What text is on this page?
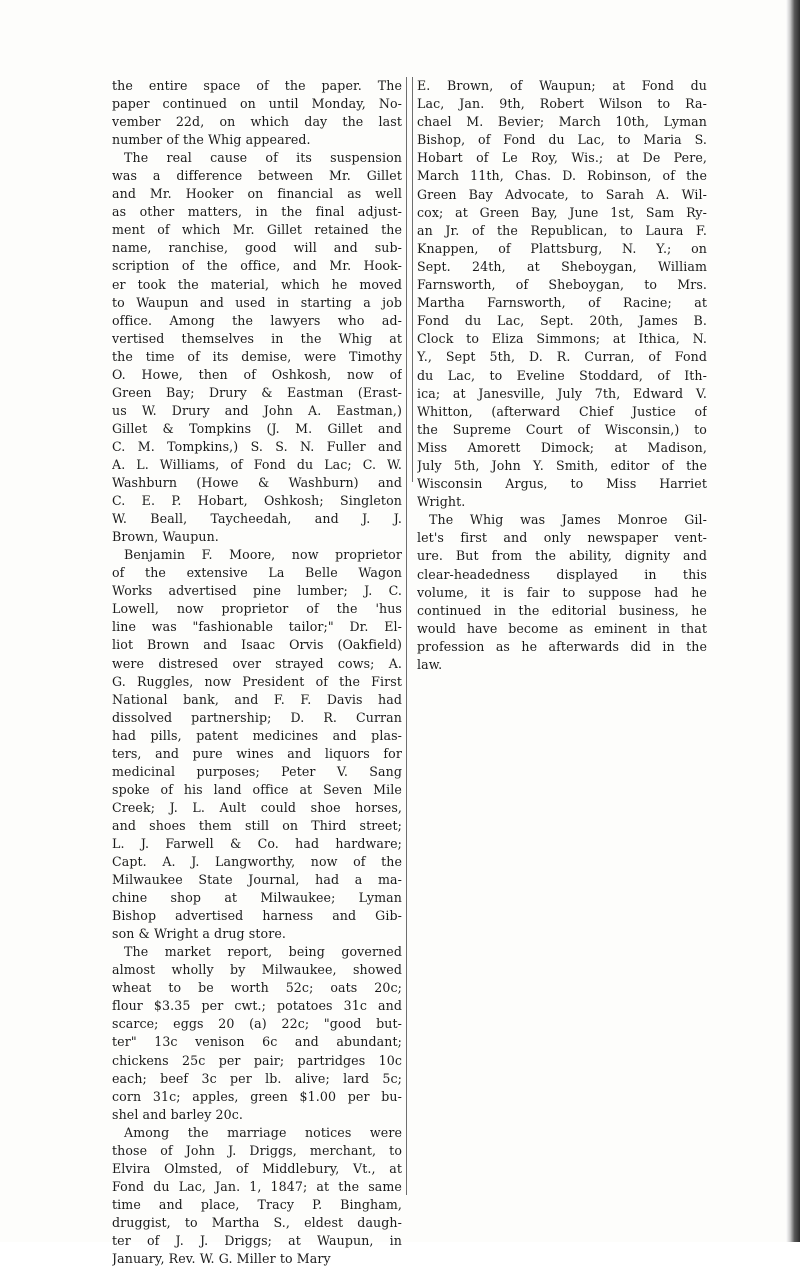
the entire space of the paper. The
paper continued on until Monday, No-
vember 22d, on which day the last
number of the Whig appeared.
The real cause of its suspension
was a difference between Mr. Gillet
and Mr. Hooker on financial as well
as other matters, in the final adjust-
ment of which Mr. Gillet retained the
name, ranchise, good will and sub-
scription of the office, and Mr. Hook-
er took the material, which he moved
to Waupun and used in starting a job
office. Among the lawyers who ad-
vertised themselves in the Whig at
the time of its demise, were Timothy
O. Howe, then of Oshkosh, now of
Green Bay; Drury & Eastman (Erast-
us W. Drury and John A. Eastman,)
Gillet & Tompkins (J. M. Gillet and
C. M. Tompkins,) S. S. N. Fuller and
A. L. Williams, of Fond du Lac; C. W.
Washburn (Howe & Washburn) and
C. E. P. Hobart, Oshkosh; Singleton
W. Beall, Taycheedah, and J. J.
Brown, Waupun.
Benjamin F. Moore, now proprietor
of the extensive La Belle Wagon
Works advertised pine lumber; J. C.
Lowell, now proprietor of the 'hus
line was "fashionable tailor;" Dr. El-
liot Brown and Isaac Orvis (Oakfield)
were distresed over strayed cows; A.
G. Ruggles, now President of the First
National bank, and F. F. Davis had
dissolved partnership; D. R. Curran
had pills, patent medicines and plas-
ters, and pure wines and liquors for
medicinal purposes; Peter V. Sang
spoke of his land office at Seven Mile
Creek; J. L. Ault could shoe horses,
and shoes them still on Third street;
L. J. Farwell & Co. had hardware;
Capt. A. J. Langworthy, now of the
Milwaukee State Journal, had a ma-
chine shop at Milwaukee; Lyman
Bishop advertised harness and Gib-
son & Wright a drug store.
The market report, being governed
almost wholly by Milwaukee, showed
wheat to be worth 52c; oats 20c;
flour $3.35 per cwt.; potatoes 31c and
scarce; eggs 20 (a) 22c; "good but-
ter" 13c venison 6c and abundant;
chickens 25c per pair; partridges 10c
each; beef 3c per lb. alive; lard 5c;
corn 31c; apples, green $1.00 per bu-
shel and barley 20c.
Among the marriage notices were
those of John J. Driggs, merchant, to
Elvira Olmsted, of Middlebury, Vt., at
Fond du Lac, Jan. 1, 1847; at the same
time and place, Tracy P. Bingham,
druggist, to Martha S., eldest daugh-
ter of J. J. Driggs; at Waupun, in
January, Rev. W. G. Miller to Mary
E. Brown, of Waupun; at Fond du
Lac, Jan. 9th, Robert Wilson to Ra-
chael M. Bevier; March 10th, Lyman
Bishop, of Fond du Lac, to Maria S.
Hobart of Le Roy, Wis.; at De Pere,
March 11th, Chas. D. Robinson, of the
Green Bay Advocate, to Sarah A. Wil-
cox; at Green Bay, June 1st, Sam Ry-
an Jr. of the Republican, to Laura F.
Knappen, of Plattsburg, N. Y.; on
Sept. 24th, at Sheboygan, William
Farnsworth, of Sheboygan, to Mrs.
Martha Farnsworth, of Racine; at
Fond du Lac, Sept. 20th, James B.
Clock to Eliza Simmons; at Ithica, N.
Y., Sept 5th, D. R. Curran, of Fond
du Lac, to Eveline Stoddard, of Ith-
ica; at Janesville, July 7th, Edward V.
Whitton, (afterward Chief Justice of
the Supreme Court of Wisconsin,) to
Miss Amorett Dimock; at Madison,
July 5th, John Y. Smith, editor of the
Wisconsin Argus, to Miss Harriet
Wright.
The Whig was James Monroe Gil-
let's first and only newspaper vent-
ure. But from the ability, dignity and
clear-headedness displayed in this
volume, it is fair to suppose had he
continued in the editorial business, he
would have become as eminent in that
profession as he afterwards did in the
law.
